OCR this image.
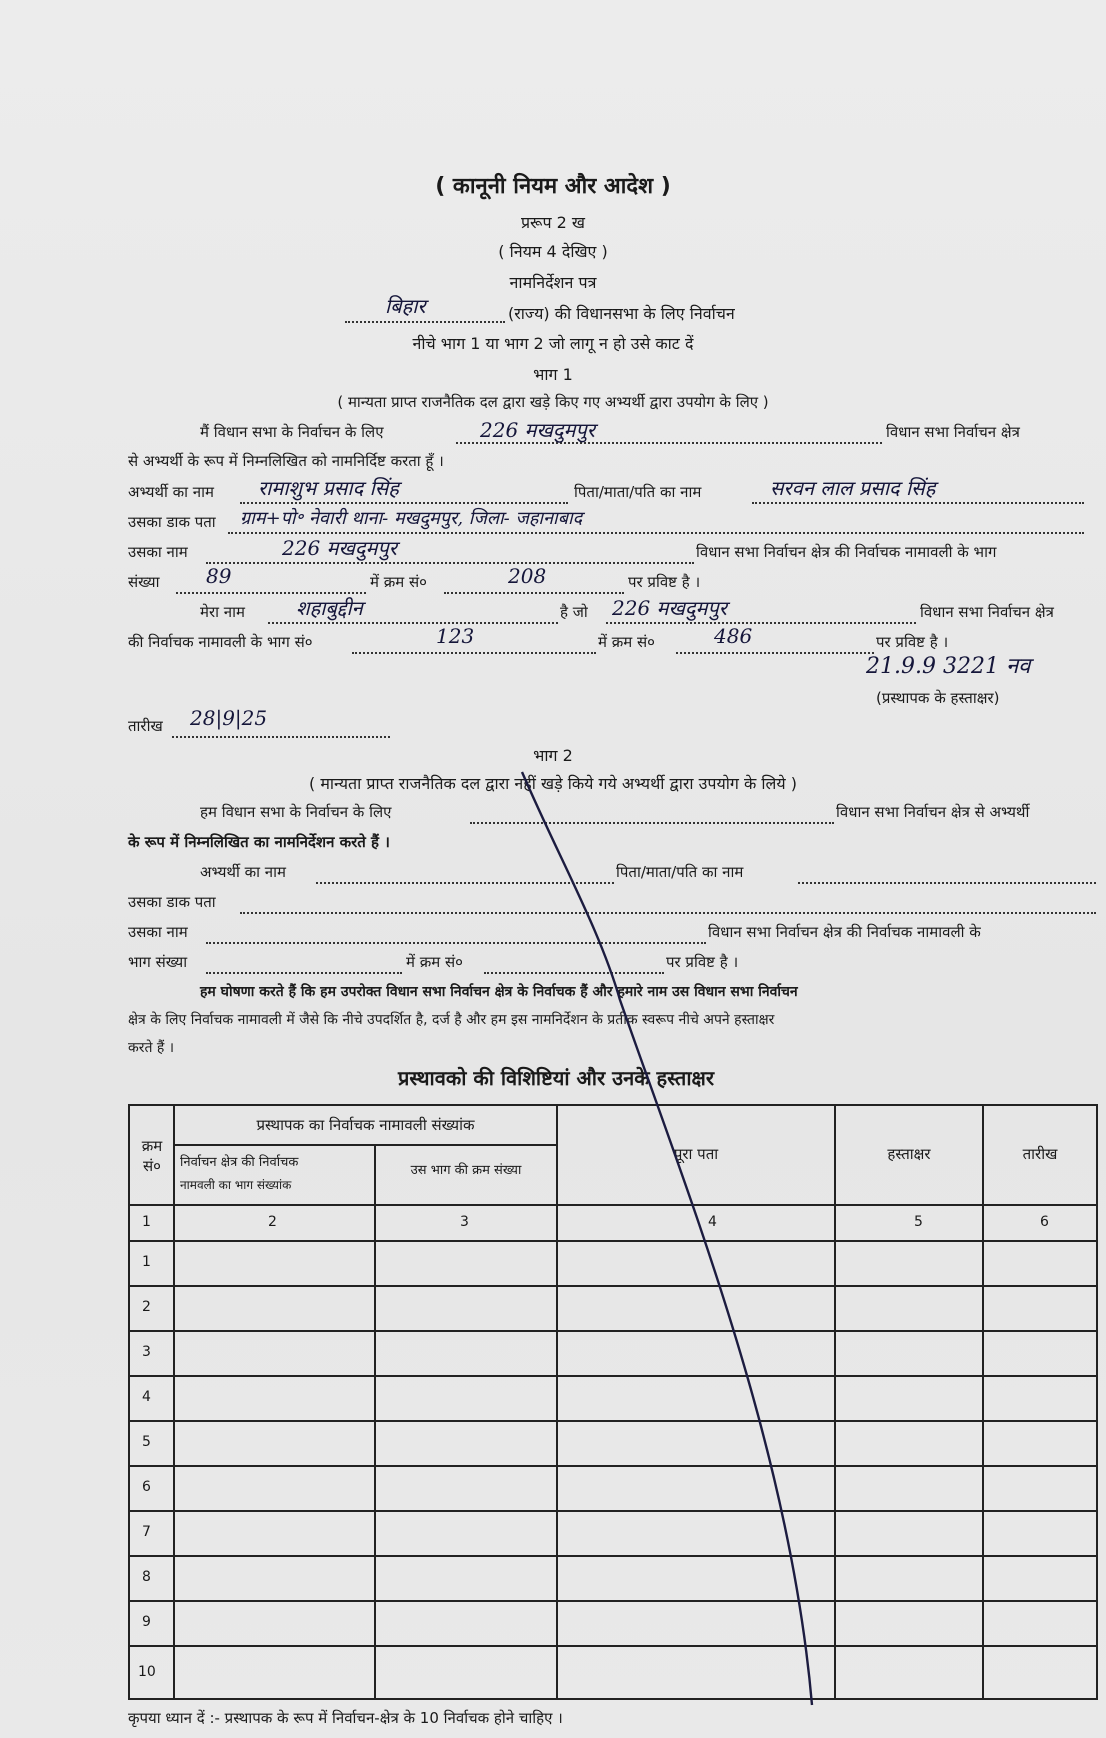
( कानूनी नियम और आदेश )
प्ररूप 2 ख
( नियम 4 देखिए )
नामनिर्देशन पत्र
बिहार	(राज्य) की विधानसभा के लिए निर्वाचन
नीचे भाग 1 या भाग 2 जो लागू न हो उसे काट दें
भाग 1
( मान्यता प्राप्त राजनैतिक दल द्वारा खड़े किए गए अभ्यर्थी द्वारा उपयोग के लिए )
मैं विधान सभा के निर्वाचन के लिए	226 मखदुमपुर	विधान सभा निर्वाचन क्षेत्र
से अभ्यर्थी के रूप में निम्नलिखित को नामनिर्दिष्ट करता हूँ ।
अभ्यर्थी का नाम रामाशुभ प्रसाद सिंह	पिता/माता/पति का नाम	सरवन लाल प्रसाद सिंह
उसका डाक पता ग्राम+पो॰ नेवारी थाना- मखदुमपुर, जिला- जहानाबाद
उसका नाम	226 मखदुमपुर	विधान सभा निर्वाचन क्षेत्र की निर्वाचक नामावली के भाग
संख्या 89	में क्रम सं०	208	पर प्रविष्ट है ।
मेरा नाम	शहाबुद्दीन	है जो 226 मखदुमपुर	विधान सभा निर्वाचन क्षेत्र
की निर्वाचक नामावली के भाग सं०	123	में क्रम सं०	486	पर प्रविष्ट है ।
21.9.9 3221 नव
(प्रस्थापक के हस्ताक्षर)
तारीख 28|9|25
भाग 2
( मान्यता प्राप्त राजनैतिक दल द्वारा नहीं खड़े किये गये अभ्यर्थी द्वारा उपयोग के लिये )
हम विधान सभा के निर्वाचन के लिए	विधान सभा निर्वाचन क्षेत्र से अभ्यर्थी
के रूप में निम्नलिखित का नामनिर्देशन करते हैं ।
अभ्यर्थी का नाम	पिता/माता/पति का नाम
उसका डाक पता
उसका नाम	विधान सभा निर्वाचन क्षेत्र की निर्वाचक नामावली के
भाग संख्या	में क्रम सं०	पर प्रविष्ट है ।
हम घोषणा करते हैं कि हम उपरोक्त विधान सभा निर्वाचन क्षेत्र के निर्वाचक हैं और हमारे नाम उस विधान सभा निर्वाचन
क्षेत्र के लिए निर्वाचक नामावली में जैसे कि नीचे उपदर्शित है, दर्ज है और हम इस नामनिर्देशन के प्रतीक स्वरूप नीचे अपने हस्ताक्षर
करते हैं ।
प्रस्थावको की विशिष्टियां और उनके हस्ताक्षर
क्रम सं०
प्रस्थापक का निर्वाचक नामावली संख्यांक
निर्वाचन क्षेत्र की निर्वाचक
नामवली का भाग संख्यांक
उस भाग की क्रम संख्या
पूरा पता	हस्ताक्षर	तारीख
1	2	3	4	5	6
1
2
3
4
5
6
7
8
9
10
कृपया ध्यान दें :- प्रस्थापक के रूप में निर्वाचन-क्षेत्र के 10 निर्वाचक होने चाहिए ।
